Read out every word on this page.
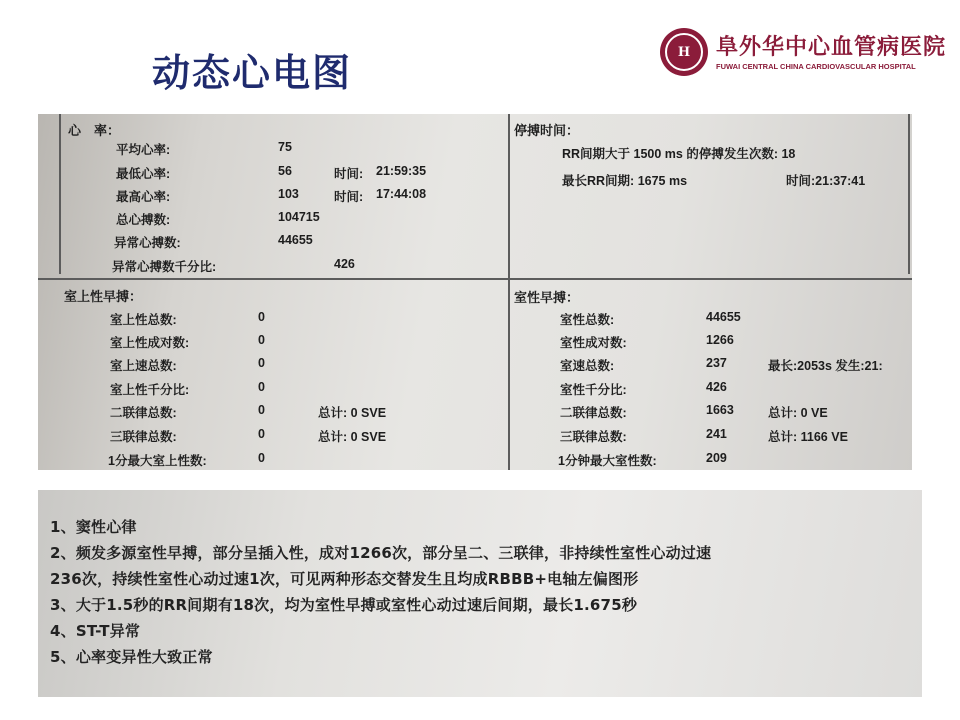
动态心电图	H	阜外华中心血管病医院
FUWAI CENTRAL CHINA CARDIOVASCULAR HOSPITAL
心　率：
平均心率:	75
最低心率:	56	时间: 21:59:35
最高心率:	103	时间: 17:44:08
总心搏数:	104715
异常心搏数:	44655
异常心搏数千分比:	426
停搏时间：
RR间期大于 1500 ms 的停搏发生次数: 18
最长RR间期: 1675 ms	时间:21:37:41
室上性早搏：
室上性总数:	0
室上性成对数:	0
室上速总数:	0
室上性千分比:	0
二联律总数:	0	总计: 0 SVE
三联律总数:	0	总计: 0 SVE
1分最大室上性数:	0
室性早搏：
室性总数:	44655
室性成对数:	1266
室速总数:	237	最长:2053s 发生:21:
室性千分比:	426
二联律总数:	1663	总计: 0 VE
三联律总数:	241	总计: 1166 VE
1分钟最大室性数:	209
1、窦性心律
2、频发多源室性早搏，部分呈插入性，成对1266次，部分呈二、三联律，非持续性室性心动过速
236次，持续性室性心动过速1次，可见两种形态交替发生且均成RBBB+电轴左偏图形
3、大于1.5秒的RR间期有18次，均为室性早搏或室性心动过速后间期，最长1.675秒
4、ST-T异常
5、心率变异性大致正常
